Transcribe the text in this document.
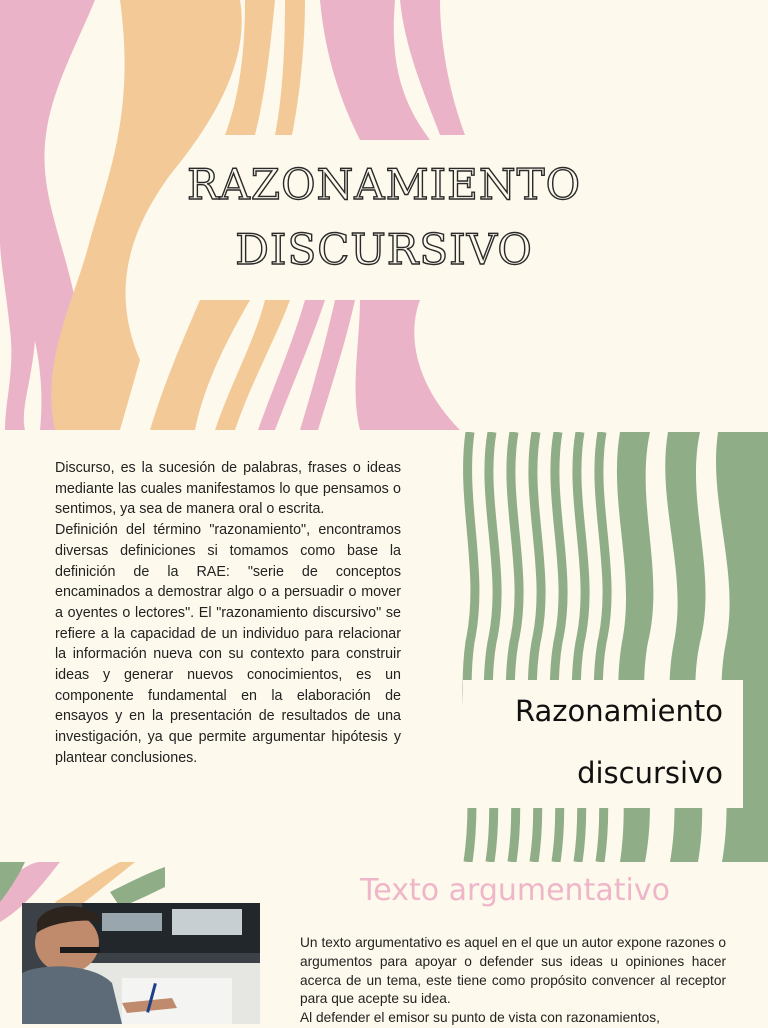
RAZONAMIENTO
DISCURSIVO

Discurso, es la sucesión de palabras, frases o ideas mediante las cuales manifestamos lo que pensamos o sentimos, ya sea de manera oral o escrita.

Definición del término "razonamiento", encontramos diversas definiciones si tomamos como base la definición de la RAE: "serie de conceptos encaminados a demostrar algo o a persuadir o mover a oyentes o lectores". El "razonamiento discursivo" se refiere a la capacidad de un individuo para relacionar la información nueva con su contexto para construir ideas y generar nuevos conocimientos, es un componente fundamental en la elaboración de ensayos y en la presentación de resultados de una investigación, ya que permite argumentar hipótesis y plantear conclusiones.

Razonamiento
discursivo
Texto argumentativo

Un texto argumentativo es aquel en el que un autor expone razones o argumentos para apoyar o defender sus ideas u opiniones hacer acerca de un tema, este tiene como propósito convencer al receptor para que acepte su idea.

Al defender el emisor su punto de vista con razonamientos,
